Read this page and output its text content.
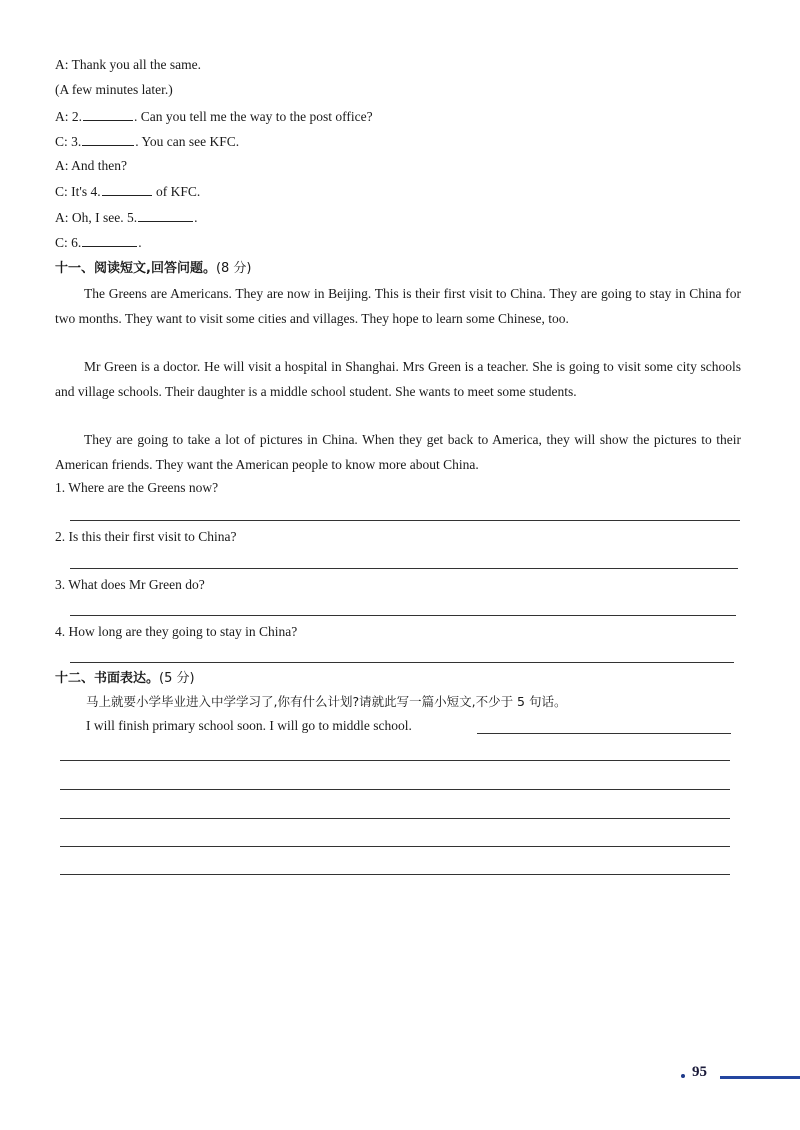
A: Thank you all the same.
(A few minutes later.)
A: 2.	. Can you tell me the way to the post office?
C: 3.	. You can see KFC.
A: And then?
C: It's 4.	of KFC.
A: Oh, I see. 5.	.
C: 6.	.
十一、阅读短文,回答问题。(8 分)
The Greens are Americans. They are now in Beijing. This is their first visit to China. They are going to stay in China for two months. They want to visit some cities and villages. They hope to learn some Chinese, too.
Mr Green is a doctor. He will visit a hospital in Shanghai. Mrs Green is a teacher. She is going to visit some city schools and village schools. Their daughter is a middle school student. She wants to meet some students.
They are going to take a lot of pictures in China. When they get back to America, they will show the pictures to their American friends. They want the American people to know more about China.
1. Where are the Greens now?
2. Is this their first visit to China?
3. What does Mr Green do?
4. How long are they going to stay in China?
十二、书面表达。(5 分)
马上就要小学毕业进入中学学习了,你有什么计划?请就此写一篇小短文,不少于 5 句话。
I will finish primary school soon. I will go to middle school.
95
